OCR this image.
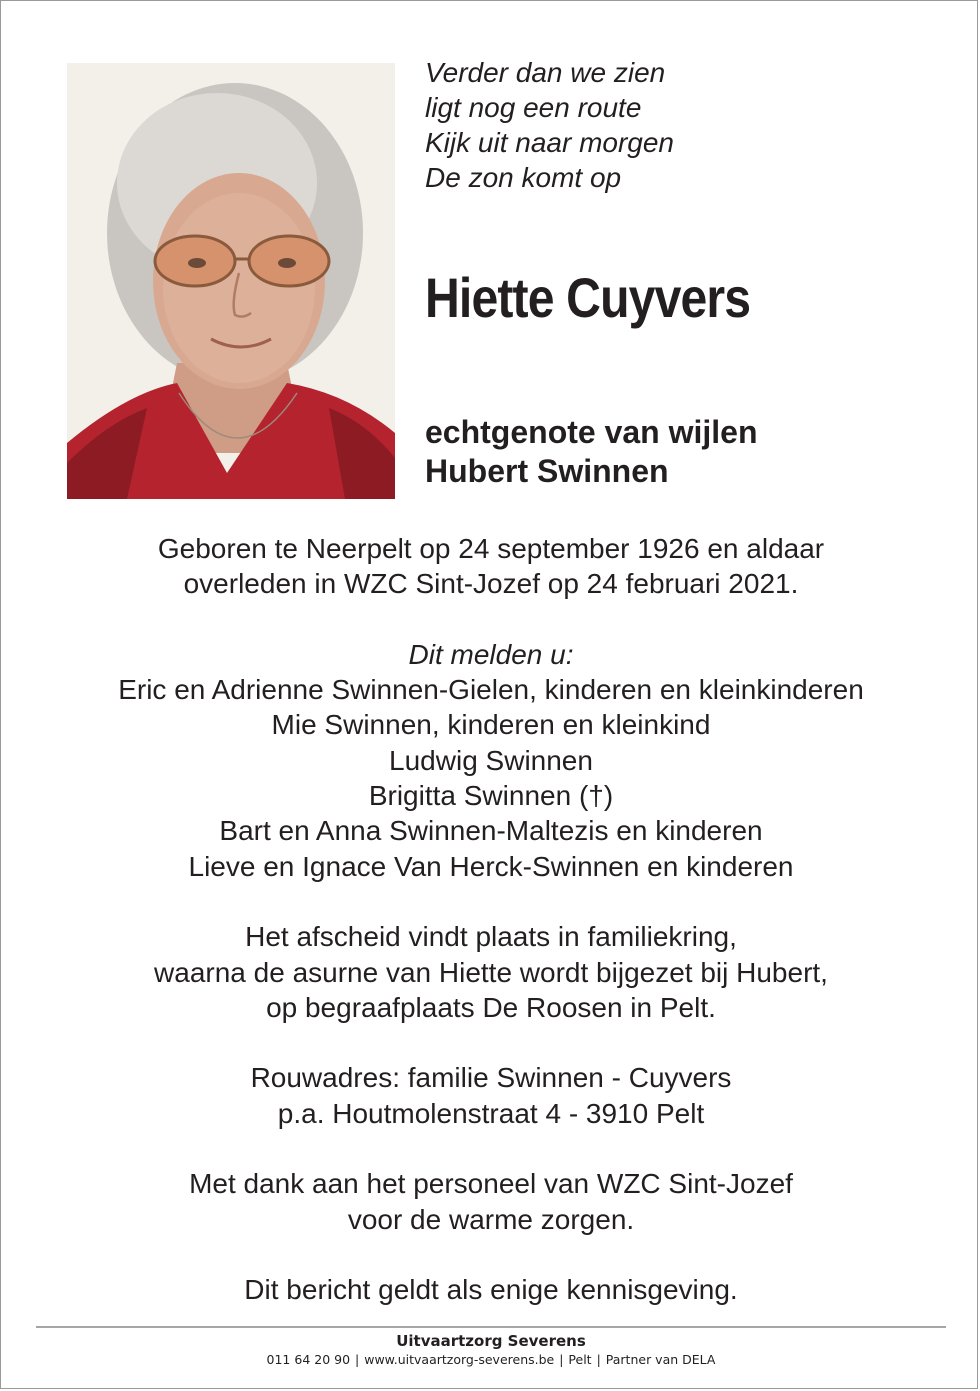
Verder dan we zien
ligt nog een route
Kijk uit naar morgen
De zon komt op
Hiette Cuyvers
echtgenote van wijlen
Hubert Swinnen
Geboren te Neerpelt op 24 september 1926 en aldaar
overleden in WZC Sint-Jozef op 24 februari 2021.
Dit melden u:
Eric en Adrienne Swinnen-Gielen, kinderen en kleinkinderen
Mie Swinnen, kinderen en kleinkind
Ludwig Swinnen
Brigitta Swinnen (†)
Bart en Anna Swinnen-Maltezis en kinderen
Lieve en Ignace Van Herck-Swinnen en kinderen
Het afscheid vindt plaats in familiekring,
waarna de asurne van Hiette wordt bijgezet bij Hubert,
op begraafplaats De Roosen in Pelt.
Rouwadres: familie Swinnen - Cuyvers
p.a. Houtmolenstraat 4 - 3910 Pelt
Met dank aan het personeel van WZC Sint-Jozef
voor de warme zorgen.
Dit bericht geldt als enige kennisgeving.
Uitvaartzorg Severens
011 64 20 90 | www.uitvaartzorg-severens.be | Pelt | Partner van DELA
